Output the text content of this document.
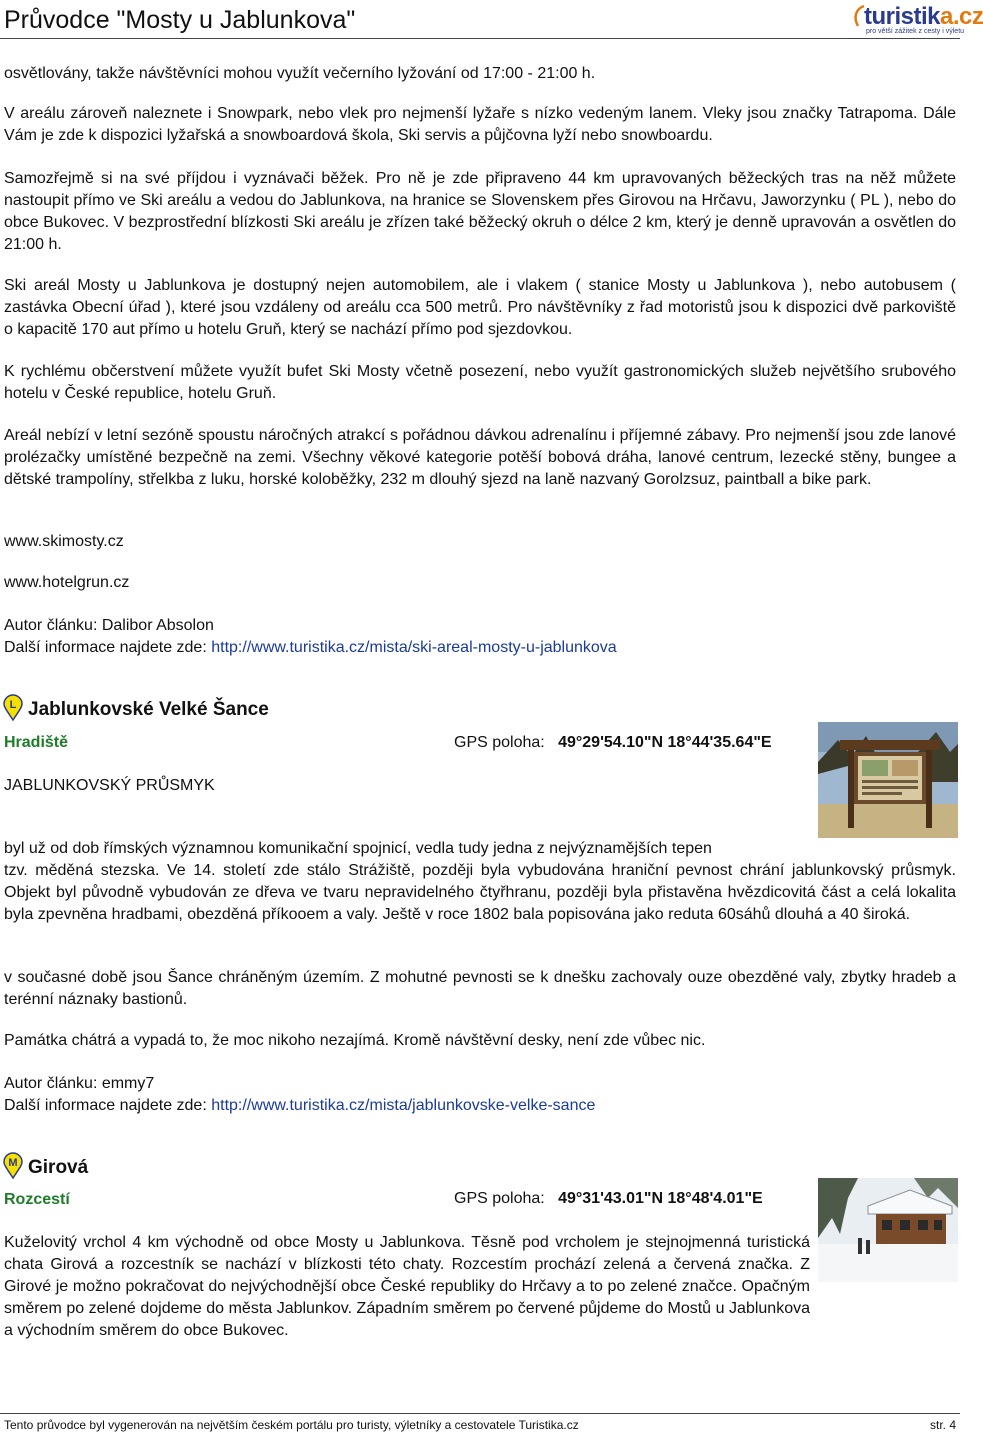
Průvodce "Mosty u Jablunkova"	turistika.cz
pro větší zážitek z cesty i výletu

osvětlovány, takže návštěvníci mohou využít večerního lyžování od 17:00 - 21:00 h.

V areálu zároveň naleznete i Snowpark, nebo vlek pro nejmenší lyžaře s nízko vedeným lanem. Vleky jsou značky Tatrapoma. Dále Vám je zde k dispozici lyžařská a snowboardová škola, Ski servis a půjčovna lyží nebo snowboardu.

Samozřejmě si na své příjdou i vyznávači běžek. Pro ně je zde připraveno 44 km upravovaných běžeckých tras na něž můžete nastoupit přímo ve Ski areálu a vedou do Jablunkova, na hranice se Slovenskem přes Girovou na Hrčavu, Jaworzynku ( PL ), nebo do obce Bukovec. V bezprostřední blízkosti Ski areálu je zřízen také běžecký okruh o délce 2 km, který je denně upravován a osvětlen do 21:00 h.

Ski areál Mosty u Jablunkova je dostupný nejen automobilem, ale i vlakem ( stanice Mosty u Jablunkova ), nebo autobusem ( zastávka Obecní úřad ), které jsou vzdáleny od areálu cca 500 metrů. Pro návštěvníky z řad motoristů jsou k dispozici dvě parkoviště o kapacitě 170 aut přímo u hotelu Gruň, který se nachází přímo pod sjezdovkou.

K rychlému občerstvení můžete využít bufet Ski Mosty včetně posezení, nebo využít gastronomických služeb největšího srubového hotelu v České republice, hotelu Gruň.

Areál nebízí v letní sezóně spoustu náročných atrakcí s pořádnou dávkou adrenalínu i příjemné zábavy. Pro nejmenší jsou zde lanové prolézačky umístěné bezpečně na zemi. Všechny věkové kategorie potěší bobová dráha, lanové centrum, lezecké stěny, bungee a dětské trampolíny, střelkba z luku, horské koloběžky, 232 m dlouhý sjezd na laně nazvaný Gorolzsuz, paintball a bike park.

www.skimosty.cz
www.hotelgrun.cz
Autor článku: Dalibor Absolon
Další informace najdete zde: http://www.turistika.cz/mista/ski-areal-mosty-u-jablunkova
L Jablunkovské Velké Šance
Hradiště	GPS poloha: 49°29'54.10"N 18°44'35.64"E
JABLUNKOVSKÝ PRŮSMYK
byl už od dob římských významnou komunikační spojnicí, vedla tudy jedna z nejvýznamějších tepen

tzv. měděná stezska. Ve 14. století zde stálo Strážiště, později byla vybudována hraniční pevnost chrání jablunkovský průsmyk. Objekt byl původně vybudován ze dřeva ve tvaru nepravidelného čtyřhranu, později byla přistavěna hvězdicovitá část a celá lokalita byla zpevněna hradbami, obezděná příkooem a valy. Ještě v roce 1802 bala popisována jako reduta 60sáhů dlouhá a 40 široká.

v současné době jsou Šance chráněným územím. Z mohutné pevnosti se k dnešku zachovaly ouze obezděné valy, zbytky hradeb a terénní náznaky bastionů.

Památka chátrá a vypadá to, že moc nikoho nezajímá. Kromě návštěvní desky, není zde vůbec nic.

Autor článku: emmy7
Další informace najdete zde: http://www.turistika.cz/mista/jablunkovske-velke-sance
M Girová
Rozcestí	GPS poloha: 49°31'43.01"N 18°48'4.01"E

Kuželovitý vrchol 4 km východně od obce Mosty u Jablunkova. Těsně pod vrcholem je stejnojmenná turistická chata Girová a rozcestník se nachází v blízkosti této chaty. Rozcestím prochází zelená a červená značka. Z Girové je možno pokračovat do nejvýchodnější obce České republiky do Hrčavy a to po zelené značce. Opačným směrem po zelené dojdeme do města Jablunkov. Západním směrem po červené půjdeme do Mostů u Jablunkova a východním směrem do obce Bukovec.

Tento průvodce byl vygenerován na největším českém portálu pro turisty, výletníky a cestovatele Turistika.cz	str. 4
